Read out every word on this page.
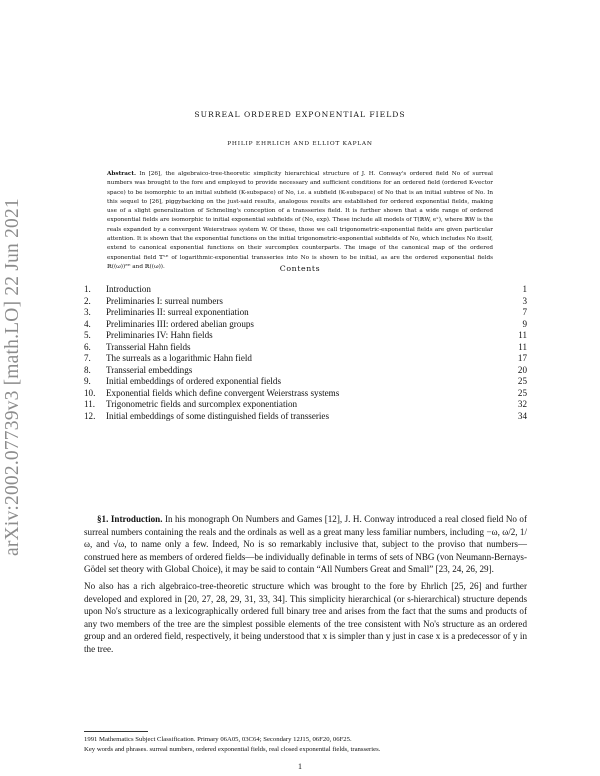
arXiv:2002.07739v3 [math.LO] 22 Jun 2021
SURREAL ORDERED EXPONENTIAL FIELDS
PHILIP EHRLICH AND ELLIOT KAPLAN
Abstract. In [26], the algebraico-tree-theoretic simplicity hierarchical structure of J. H. Conway's ordered field No of surreal numbers was brought to the fore and employed to provide necessary and sufficient conditions for an ordered field (ordered K-vector space) to be isomorphic to an initial subfield (K-subspace) of No, i.e. a subfield (K-subspace) of No that is an initial subtree of No. In this sequel to [26], piggybacking on the just-said results, analogous results are established for ordered exponential fields, making use of a slight generalization of Schmeling's conception of a transseries field. It is further shown that a wide range of ordered exponential fields are isomorphic to initial exponential subfields of (No, exp). These include all models of T(ℝW, eˣ), where ℝW is the reals expanded by a convergent Weierstrass system W. Of these, those we call trigonometric-exponential fields are given particular attention. It is shown that the exponential functions on the initial trigonometric-exponential subfields of No, which includes No itself, extend to canonical exponential functions on their surcomplex counterparts. The image of the canonical map of the ordered exponential field 𝕋ᴸᴱ of logarithmic-exponential transseries into No is shown to be initial, as are the ordered exponential fields ℝ((ω))ᴱᴱ and ℝ((ω)).	Contents
1.	Introduction	1
2.	Preliminaries I: surreal numbers	3
3.	Preliminaries II: surreal exponentiation	7
4.	Preliminaries III: ordered abelian groups	9
5.	Preliminaries IV: Hahn fields	11
6.	Transserial Hahn fields	11
7.	The surreals as a logarithmic Hahn field	17
8.	Transserial embeddings	20
9.	Initial embeddings of ordered exponential fields	25
10.	Exponential fields which define convergent Weierstrass systems	25
11.	Trigonometric fields and surcomplex exponentiation	32
12.	Initial embeddings of some distinguished fields of transseries	34

§1. Introduction. In his monograph On Numbers and Games [12], J. H. Conway introduced a real closed field No of surreal numbers containing the reals and the ordinals as well as a great many less familiar numbers, including −ω, ω/2, 1/ω, and √ω, to name only a few. Indeed, No is so remarkably inclusive that, subject to the proviso that numbers—construed here as members of ordered fields—be individually definable in terms of sets of NBG (von Neumann-Bernays-Gödel set theory with Global Choice), it may be said to contain “All Numbers Great and Small” [23, 24, 26, 29].

No also has a rich algebraico-tree-theoretic structure which was brought to the fore by Ehrlich [25, 26] and further developed and explored in [20, 27, 28, 29, 31, 33, 34]. This simplicity hierarchical (or s-hierarchical) structure depends upon No's structure as a lexicographically ordered full binary tree and arises from the fact that the sums and products of any two members of the tree are the simplest possible elements of the tree consistent with No's structure as an ordered group and an ordered field, respectively, it being understood that x is simpler than y just in case x is a predecessor of y in the tree.

1991 Mathematics Subject Classification. Primary 06A05, 03C64; Secondary 12J15, 06F20, 06F25.
Key words and phrases. surreal numbers, ordered exponential fields, real closed exponential fields, transseries.
1
